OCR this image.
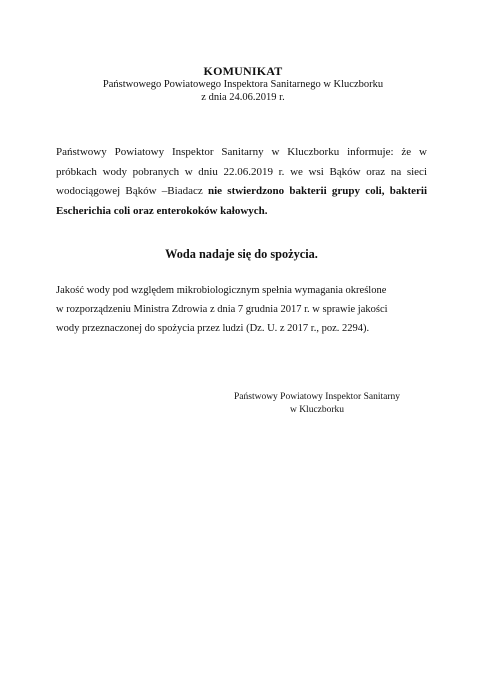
KOMUNIKAT
Państwowego Powiatowego Inspektora Sanitarnego w Kluczborku
z dnia 24.06.2019 r.

Państwowy Powiatowy Inspektor Sanitarny w Kluczborku informuje: że w próbkach wody pobranych w dniu 22.06.2019 r. we wsi Bąków oraz na sieci wodociągowej Bąków –Biadacz nie stwierdzono bakterii grupy coli, bakterii Escherichia coli oraz enterokoków kałowych.

Woda nadaje się do spożycia.
Jakość wody pod względem mikrobiologicznym spełnia wymagania określone
w rozporządzeniu Ministra Zdrowia z dnia 7 grudnia 2017 r. w sprawie jakości
wody przeznaczonej do spożycia przez ludzi (Dz. U. z 2017 r., poz. 2294).
Państwowy Powiatowy Inspektor Sanitarny
w Kluczborku
